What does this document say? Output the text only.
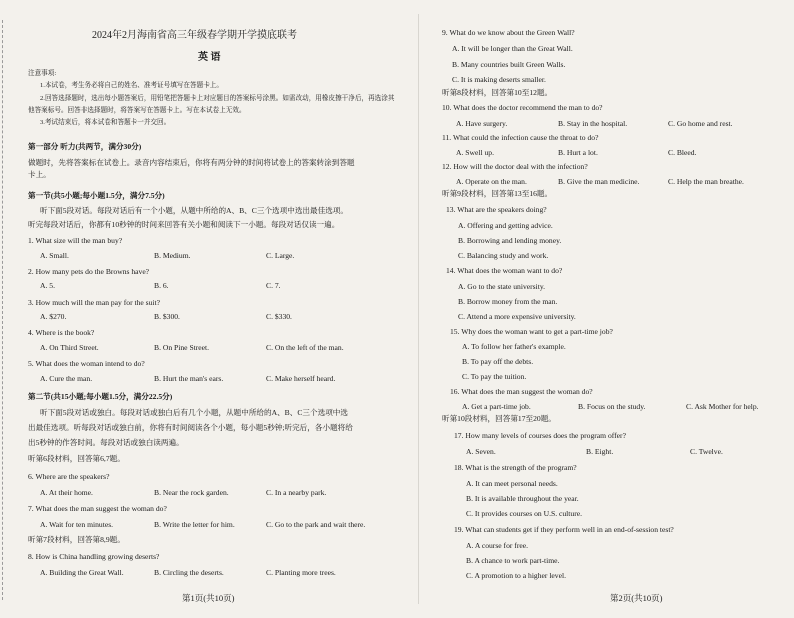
2024年2月海南省高三年级春学期开学摸底联考
英 语
注意事项:
1.本试卷，考生务必将自己的姓名、准考证号填写在答题卡上。
2.回答选择题时，选出每小题答案后，用铅笔把答题卡上对应题目的答案标号涂黑。如需改动，用橡皮擦干净后，再选涂其
他答案标号。回答非选择题时，将答案写在答题卡上。写在本试卷上无效。
3.考试结束后，将本试卷和答题卡一并交回。
第一部分 听力(共两节，满分30分)
做题时，先将答案标在试卷上。录音内容结束后，你将有两分钟的时间将试卷上的答案转涂到答题
卡上。
第一节(共5小题;每小题1.5分，满分7.5分)
听下面5段对话。每段对话后有一个小题，从题中所给的A、B、C三个选项中选出最佳选项。
听完每段对话后，你都有10秒钟的时间来回答有关小题和阅读下一小题。每段对话仅读一遍。
1. What size will the man buy?
A. Small.	B. Medium.	C. Large.
2. How many pets do the Browns have?
A. 5.	B. 6.	C. 7.
3. How much will the man pay for the suit?
A. $270.	B. $300.	C. $330.
4. Where is the book?
A. On Third Street.	B. On Pine Street.	C. On the left of the man.
5. What does the woman intend to do?
A. Cure the man.	B. Hurt the man's ears.	C. Make herself heard.
第二节(共15小题;每小题1.5分，满分22.5分)
听下面5段对话或独白。每段对话或独白后有几个小题，从题中所给的A、B、C三个选项中选
出最佳选项。听每段对话或独白前，你将有时间阅读各个小题，每小题5秒钟;听完后，各小题将给
出5秒钟的作答时间。每段对话或独白读两遍。
听第6段材料，回答第6,7题。
6. Where are the speakers?
A. At their home.	B. Near the rock garden.	C. In a nearby park.
7. What does the man suggest the woman do?
A. Wait for ten minutes.	B. Write the letter for him.	C. Go to the park and wait there.
听第7段材料，回答第8,9题。
8. How is China handling growing deserts?
A. Building the Great Wall.	B. Circling the deserts.	C. Planting more trees.
第1页(共10页)
9. What do we know about the Green Wall?
A. It will be longer than the Great Wall.
B. Many countries built Green Walls.
C. It is making deserts smaller.
听第8段材料，回答第10至12题。
10. What does the doctor recommend the man to do?
A. Have surgery.	B. Stay in the hospital.	C. Go home and rest.
11. What could the infection cause the throat to do?
A. Swell up.	B. Hurt a lot.	C. Bleed.
12. How will the doctor deal with the infection?
A. Operate on the man.	B. Give the man medicine.	C. Help the man breathe.
听第9段材料，回答第13至16题。
13. What are the speakers doing?
A. Offering and getting advice.
B. Borrowing and lending money.
C. Balancing study and work.
14. What does the woman want to do?
A. Go to the state university.
B. Borrow money from the man.
C. Attend a more expensive university.
15. Why does the woman want to get a part-time job?
A. To follow her father's example.
B. To pay off the debts.
C. To pay the tuition.
16. What does the man suggest the woman do?
A. Get a part-time job.	B. Focus on the study.	C. Ask Mother for help.
听第10段材料，回答第17至20题。
17. How many levels of courses does the program offer?
A. Seven.	B. Eight.	C. Twelve.
18. What is the strength of the program?
A. It can meet personal needs.
B. It is available throughout the year.
C. It provides courses on U.S. culture.
19. What can students get if they perform well in an end-of-session test?
A. A course for free.
B. A chance to work part-time.
C. A promotion to a higher level.
第2页(共10页)
